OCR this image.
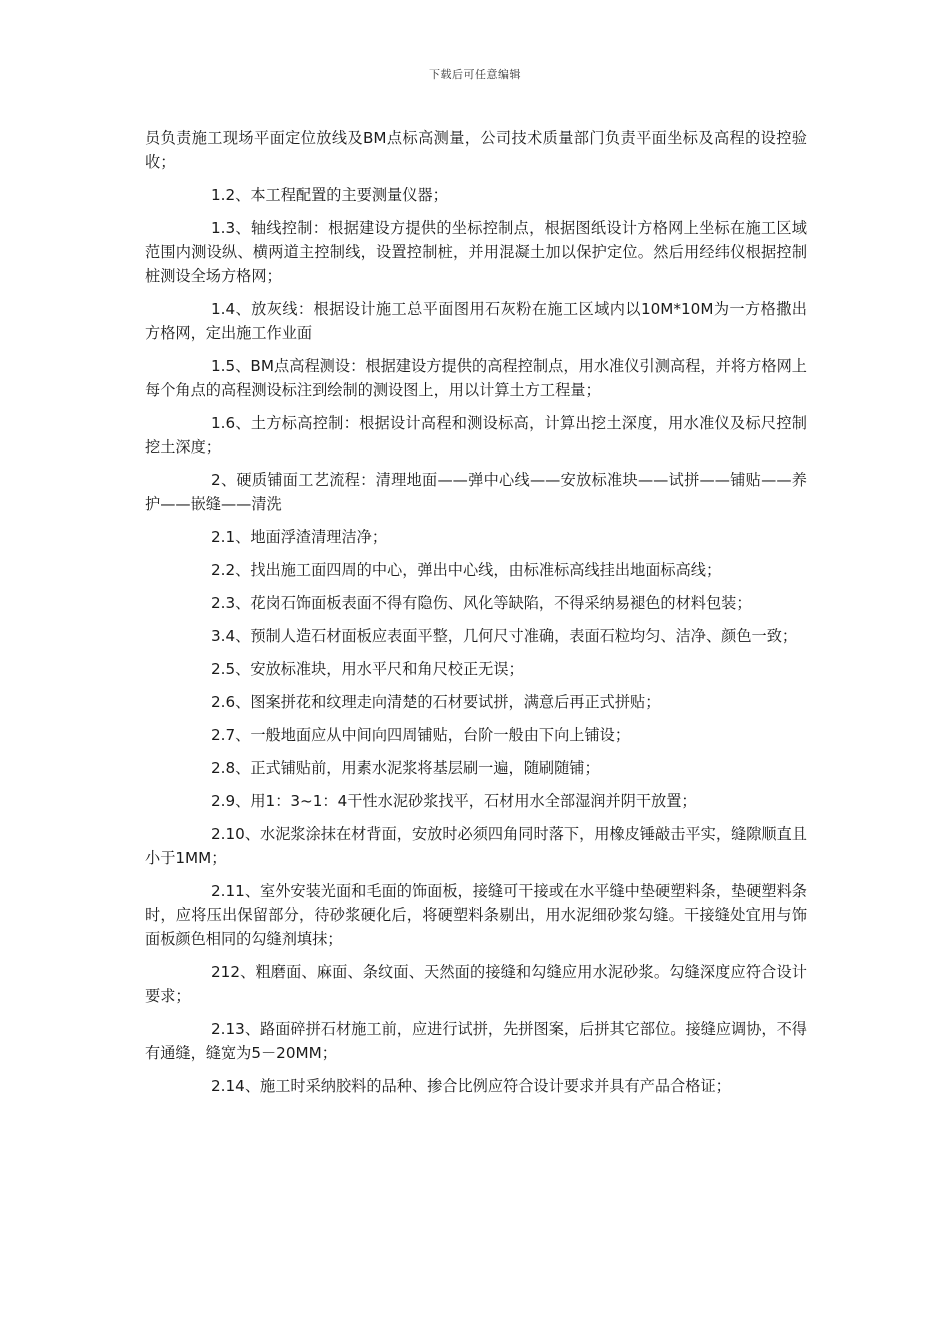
下载后可任意编辑

员负责施工现场平面定位放线及BM点标高测量，公司技术质量部门负责平面坐标及高程的设控验收；

1.2、本工程配置的主要测量仪器；

1.3、轴线控制：根据建设方提供的坐标控制点，根据图纸设计方格网上坐标在施工区域范围内测设纵、横两道主控制线，设置控制桩，并用混凝土加以保护定位。然后用经纬仪根据控制桩测设全场方格网；

1.4、放灰线：根据设计施工总平面图用石灰粉在施工区域内以10M*10M为一方格撒出方格网，定出施工作业面

1.5、BM点高程测设：根据建设方提供的高程控制点，用水准仪引测高程，并将方格网上每个角点的高程测设标注到绘制的测设图上，用以计算土方工程量；

1.6、土方标高控制：根据设计高程和测设标高，计算出挖土深度，用水准仪及标尺控制挖土深度；

2、硬质铺面工艺流程：清理地面——弹中心线——安放标准块——试拼——铺贴——养护——嵌缝——清洗

2.1、地面浮渣清理洁净；

2.2、找出施工面四周的中心，弹出中心线，由标准标高线挂出地面标高线；

2.3、花岗石饰面板表面不得有隐伤、风化等缺陷，不得采纳易褪色的材料包装；

3.4、预制人造石材面板应表面平整，几何尺寸准确，表面石粒均匀、洁净、颜色一致；

2.5、安放标准块，用水平尺和角尺校正无误；

2.6、图案拼花和纹理走向清楚的石材要试拼，满意后再正式拼贴；

2.7、一般地面应从中间向四周铺贴，台阶一般由下向上铺设；

2.8、正式铺贴前，用素水泥浆将基层刷一遍，随刷随铺；

2.9、用1：3~1：4干性水泥砂浆找平，石材用水全部湿润并阴干放置；

2.10、水泥浆涂抹在材背面，安放时必须四角同时落下，用橡皮锤敲击平实，缝隙顺直且小于1MM；

2.11、室外安装光面和毛面的饰面板，接缝可干接或在水平缝中垫硬塑料条，垫硬塑料条时，应将压出保留部分，待砂浆硬化后，将硬塑料条剔出，用水泥细砂浆勾缝。干接缝处宜用与饰面板颜色相同的勾缝剂填抹；

212、粗磨面、麻面、条纹面、天然面的接缝和勾缝应用水泥砂浆。勾缝深度应符合设计要求；

2.13、路面碎拼石材施工前，应进行试拼，先拼图案，后拼其它部位。接缝应调协，不得有通缝，缝宽为5－20MM；

2.14、施工时采纳胶料的品种、掺合比例应符合设计要求并具有产品合格证；
